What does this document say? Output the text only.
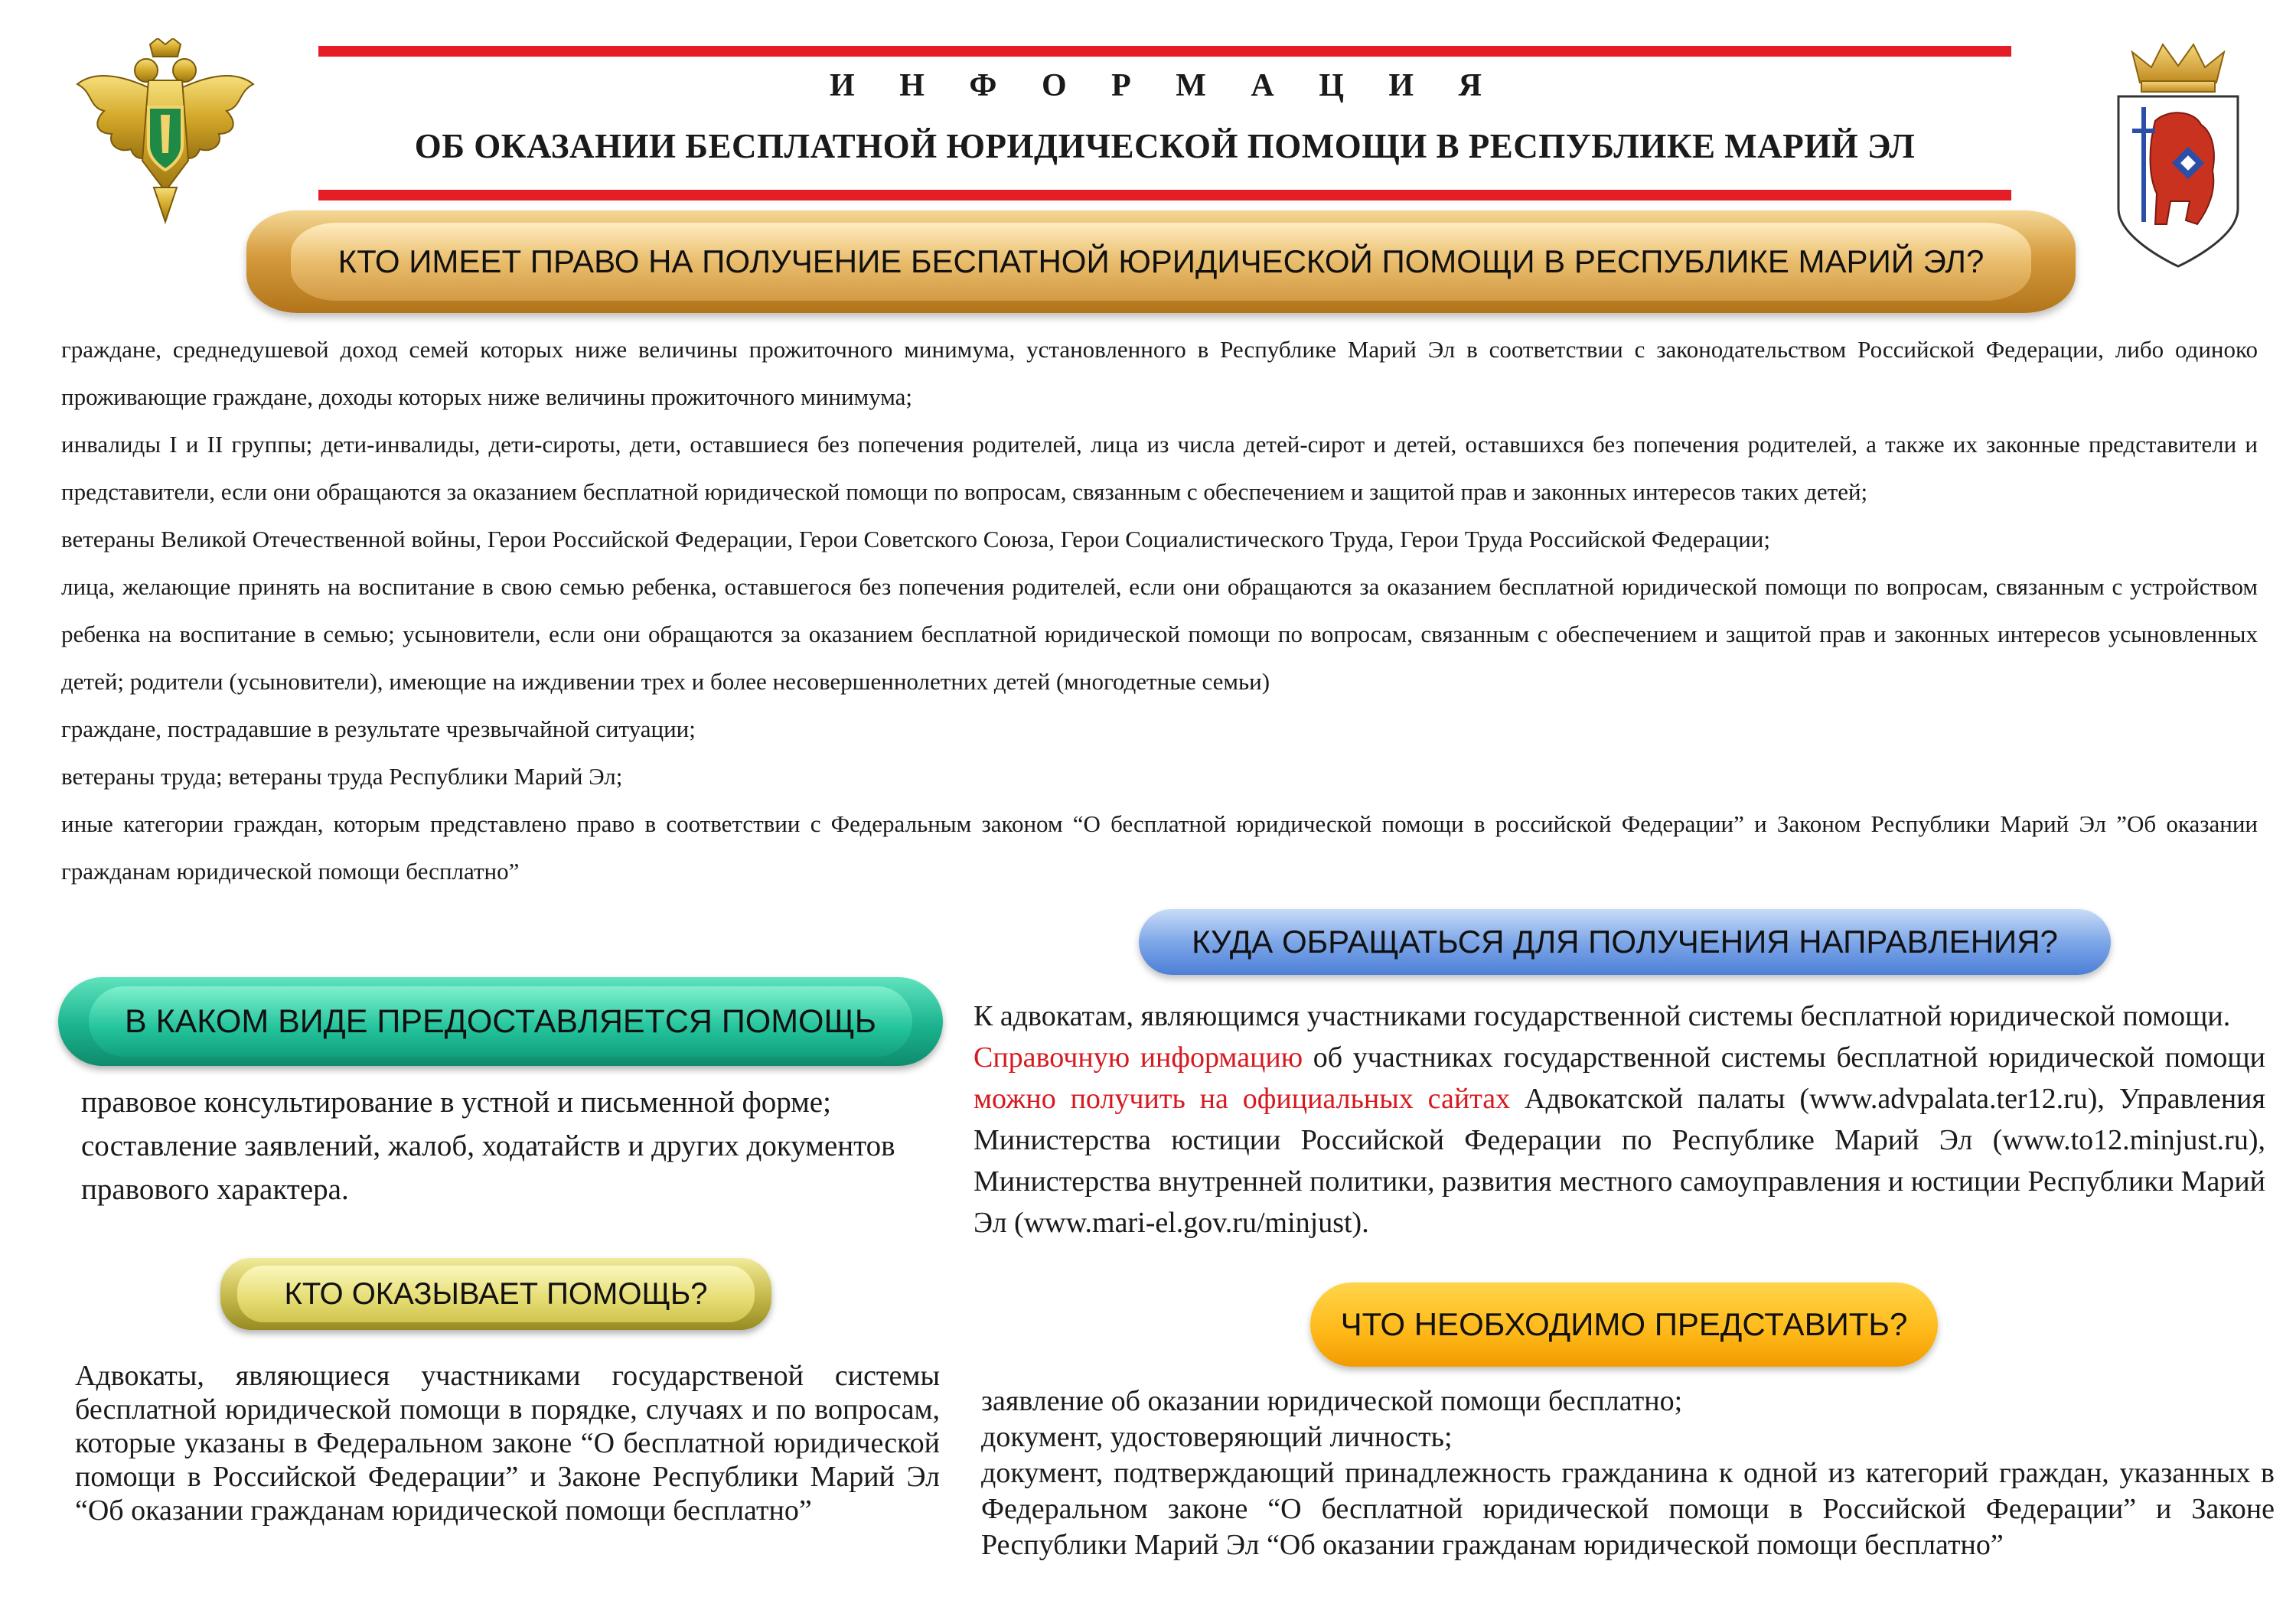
И Н Ф О Р М А Ц И Я
ОБ ОКАЗАНИИ БЕСПЛАТНОЙ ЮРИДИЧЕСКОЙ ПОМОЩИ В РЕСПУБЛИКЕ МАРИЙ ЭЛ
КТО ИМЕЕТ ПРАВО НА ПОЛУЧЕНИЕ БЕСПАТНОЙ ЮРИДИЧЕСКОЙ ПОМОЩИ В РЕСПУБЛИКЕ МАРИЙ ЭЛ?

граждане, среднедушевой доход семей которых ниже величины прожиточного минимума, установленного в Республике Марий Эл в соответствии с законодательством Российской Федерации, либо одиноко проживающие граждане, доходы которых ниже величины прожиточного минимума;

инвалиды I и II группы; дети-инвалиды, дети-сироты, дети, оставшиеся без попечения родителей, лица из числа детей-сирот и детей, оставшихся без попечения родителей, а также их законные представители и представители, если они обращаются за оказанием бесплатной юридической помощи по вопросам, связанным с обеспечением и защитой прав и законных интересов таких детей;

ветераны Великой Отечественной войны, Герои Российской Федерации, Герои Советского Союза, Герои Социалистического Труда, Герои Труда Российской Федерации;

лица, желающие принять на воспитание в свою семью ребенка, оставшегося без попечения родителей, если они обращаются за оказанием бесплатной юридической помощи по вопросам, связанным с устройством ребенка на воспитание в семью; усыновители, если они обращаются за оказанием бесплатной юридической помощи по вопросам, связанным с обеспечением и защитой прав и законных интересов усыновленных детей; родители (усыновители), имеющие на иждивении трех и более несовершеннолетних детей (многодетные семьи)

граждане, пострадавшие в результате чрезвычайной ситуации;

ветераны труда; ветераны труда Республики Марий Эл;

иные категории граждан, которым представлено право в соответствии с Федеральным законом “О бесплатной юридической помощи в российской Федерации” и Законом Республики Марий Эл ”Об оказании гражданам юридической помощи бесплатно”

КУДА ОБРАЩАТЬСЯ ДЛЯ ПОЛУЧЕНИЯ НАПРАВЛЕНИЯ?

К адвокатам, являющимся участниками государственной системы бесплатной юридической помощи.

Справочную информацию об участниках государственной системы бесплатной юридической помощи можно получить на официальных сайтах Адвокатской палаты (www.advpalata.ter12.ru), Управления Министерства юстиции Российской Федерации по Республике Марий Эл (www.to12.minjust.ru), Министерства внутренней политики, развития местного самоуправления и юстиции Республики Марий Эл (www.mari-el.gov.ru/minjust).

В КАКОМ ВИДЕ ПРЕДОСТАВЛЯЕТСЯ ПОМОЩЬ

правовое консультирование в устной и письменной форме;

составление заявлений, жалоб, ходатайств и других документов правового характера.

КТО ОКАЗЫВАЕТ ПОМОЩЬ?

Адвокаты, являющиеся участниками государственой системы бесплатной юридической помощи в порядке, случаях и по вопросам, которые указаны в Федеральном законе “О бесплатной юридической помощи в Российской Федерации” и Законе Республики Марий Эл “Об оказании гражданам юридической помощи бесплатно”

ЧТО НЕОБХОДИМО ПРЕДСТАВИТЬ?

заявление об оказании юридической помощи бесплатно;

документ, удостоверяющий личность;

документ, подтверждающий принадлежность гражданина к одной из категорий граждан, указанных в Федеральном законе “О бесплатной юридической помощи в Российской Федерации” и Законе Республики Марий Эл “Об оказании гражданам юридической помощи бесплатно”
